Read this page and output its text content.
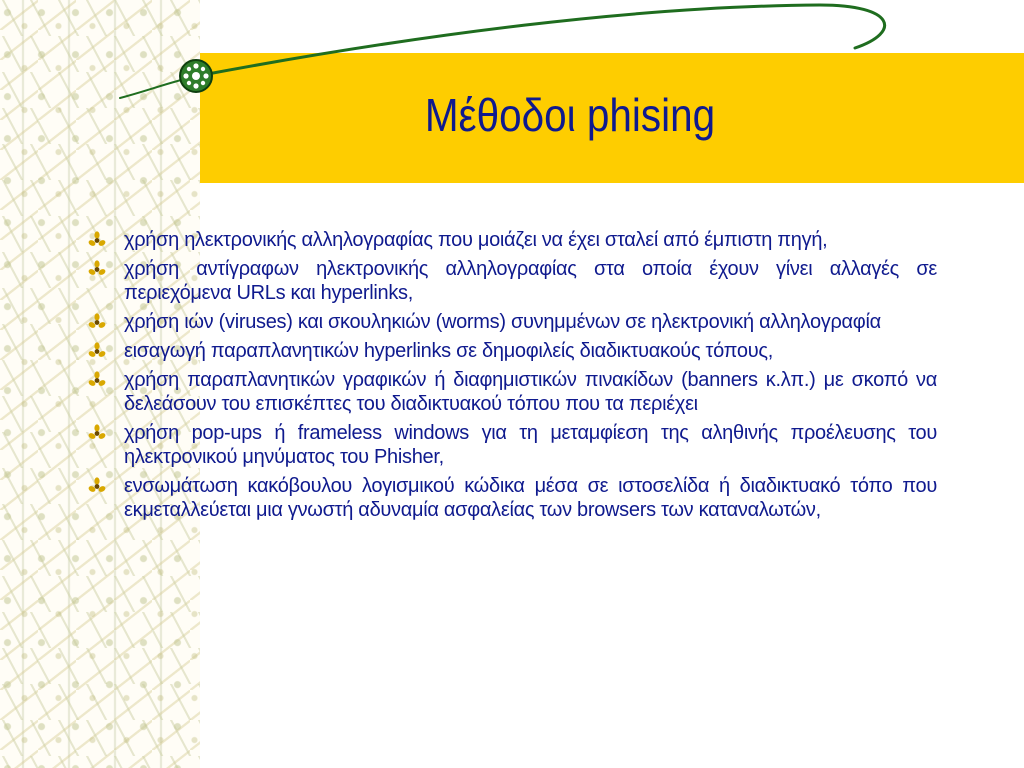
Μέθοδοι phising
χρήση ηλεκτρονικής αλληλογραφίας που μοιάζει να έχει σταλεί από έμπιστη πηγή,
χρήση αντίγραφων ηλεκτρονικής αλληλογραφίας στα οποία έχουν γίνει αλλαγές σε περιεχόμενα URLs και hyperlinks,
χρήση ιών (viruses) και σκουληκιών (worms) συνημμένων σε ηλεκτρονική αλληλογραφία
εισαγωγή παραπλανητικών hyperlinks σε δημοφιλείς διαδικτυακούς τόπους,
χρήση παραπλανητικών γραφικών ή διαφημιστικών πινακίδων (banners κ.λπ.) με σκοπό να δελεάσουν του επισκέπτες του διαδικτυακού τόπου που τα περιέχει
χρήση pop-ups ή frameless windows για τη μεταμφίεση της αληθινής προέλευσης του ηλεκτρονικού μηνύματος του Phisher,
ενσωμάτωση κακόβουλου λογισμικού κώδικα μέσα σε ιστοσελίδα ή διαδικτυακό τόπο που εκμεταλλεύεται μια γνωστή αδυναμία ασφαλείας των browsers των καταναλωτών,
